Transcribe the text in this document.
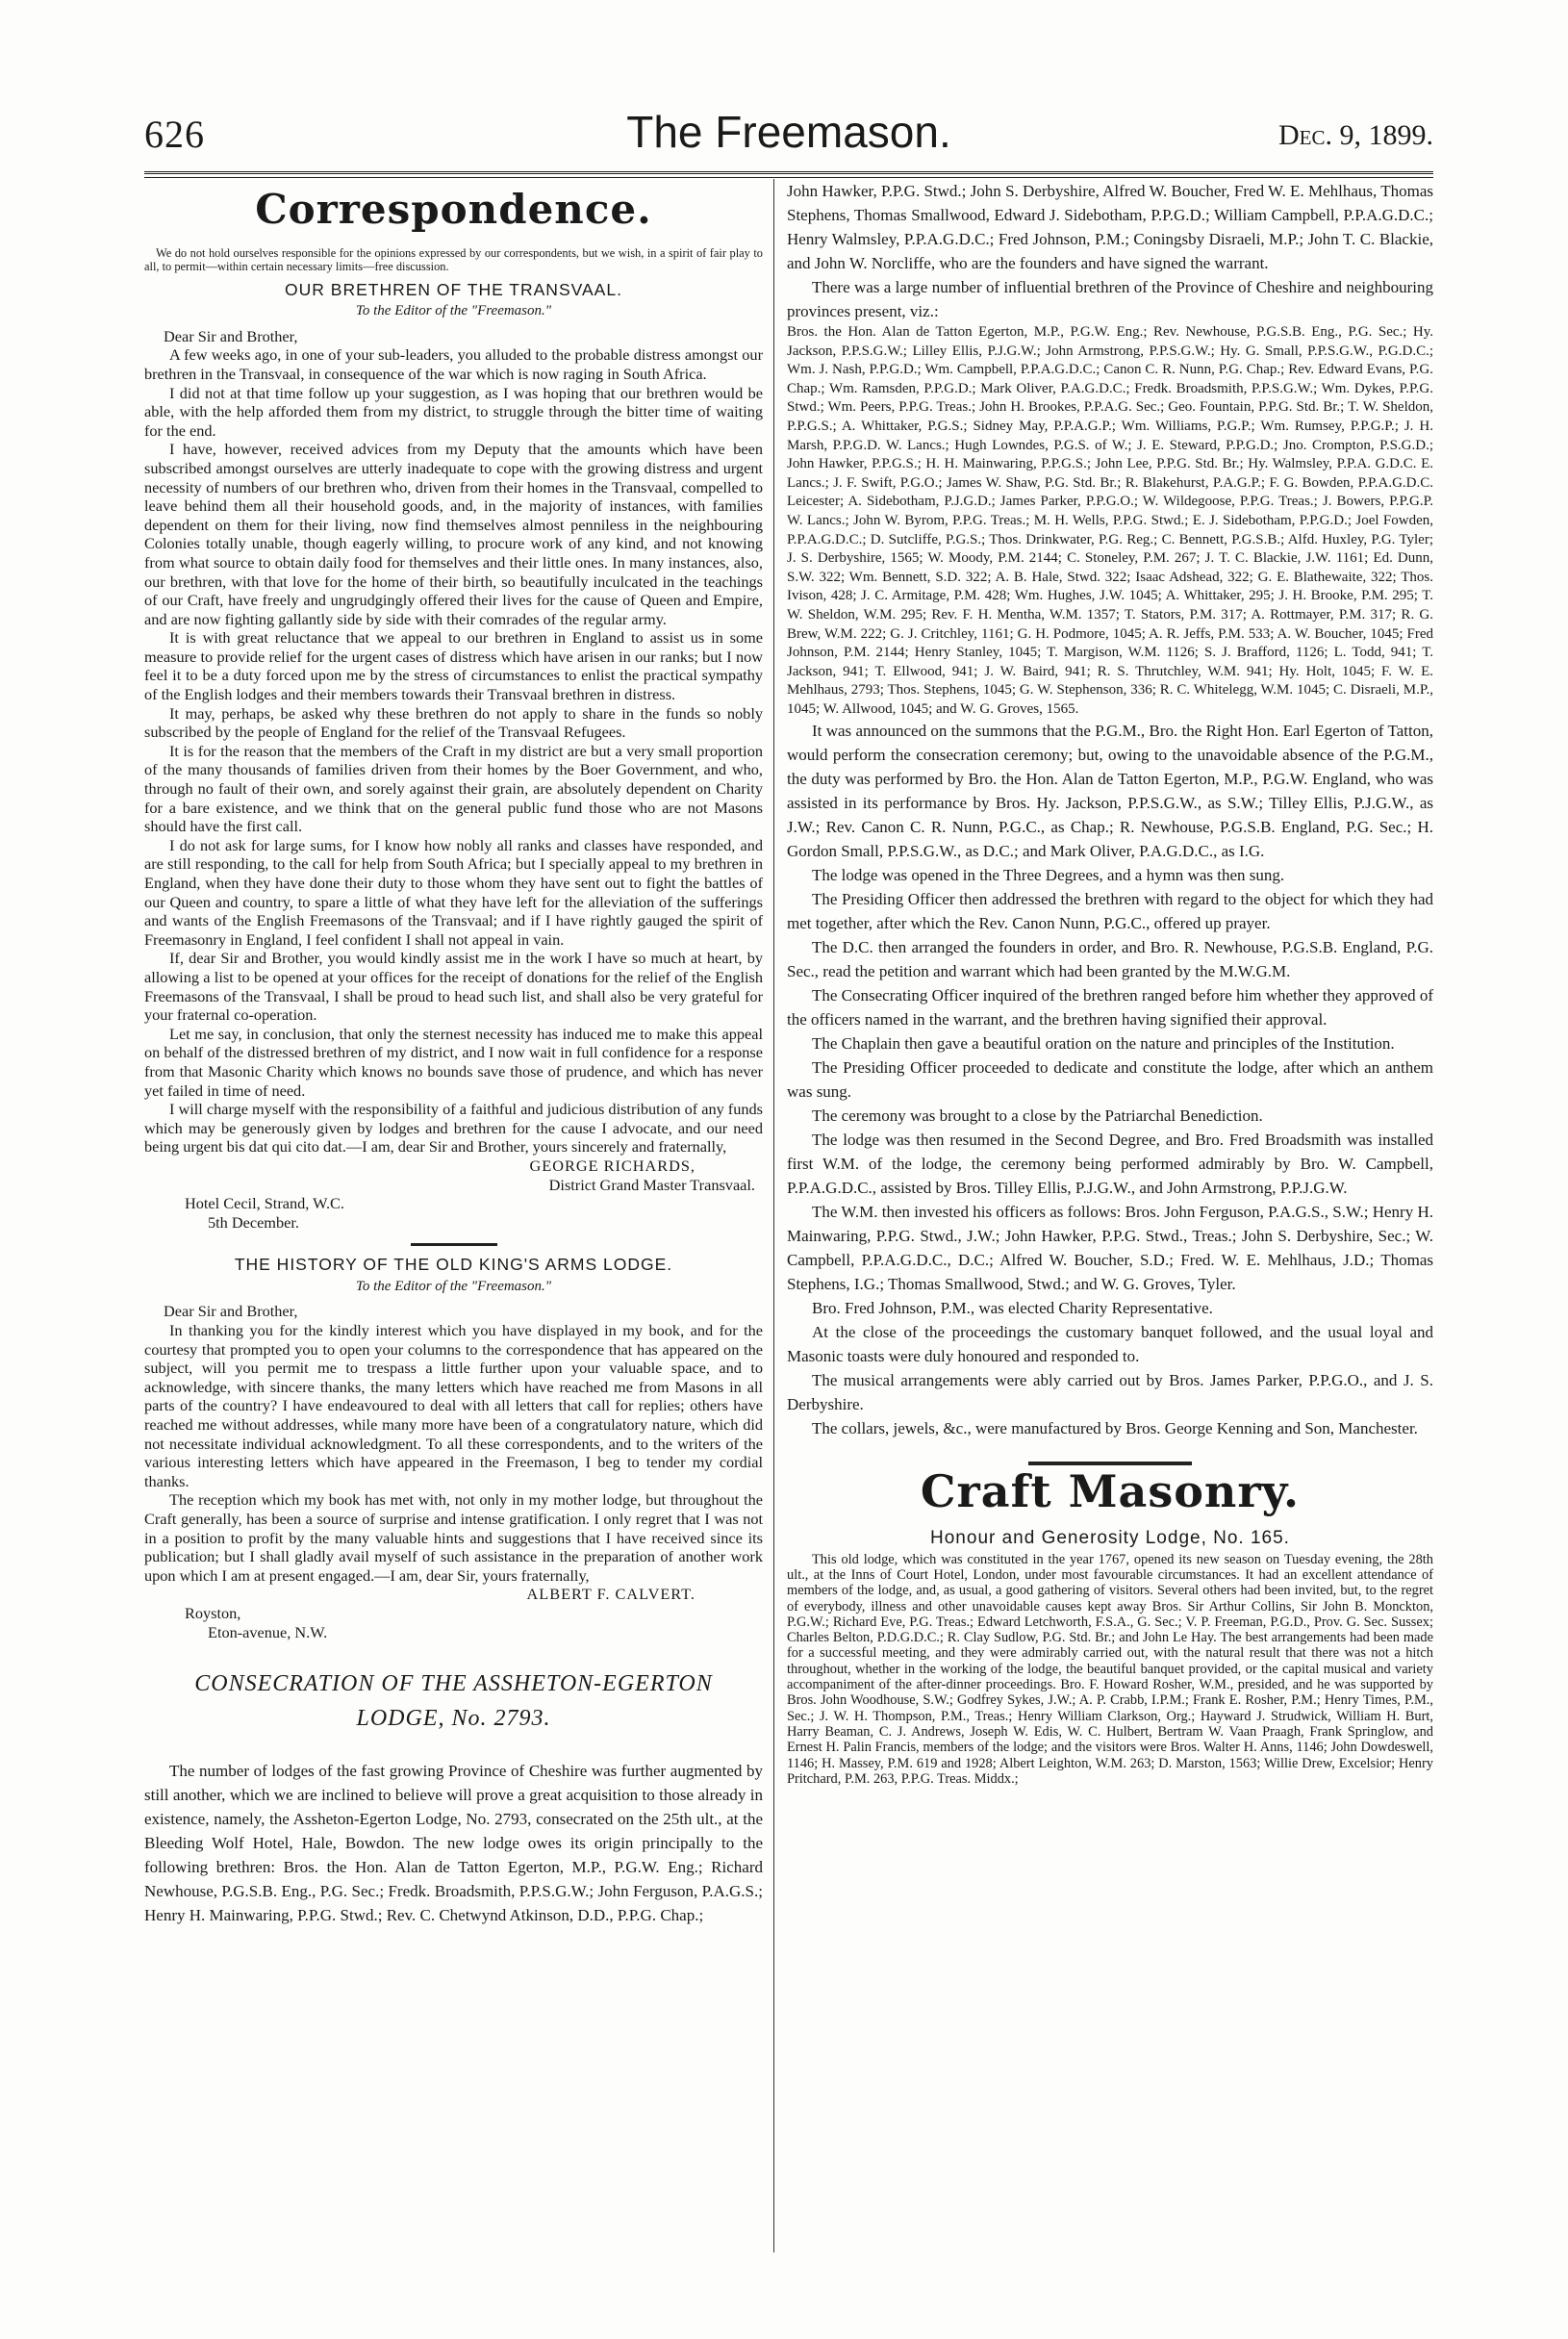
626	The Freemason.	Dec. 9, 1899.
Correspondence.

We do not hold ourselves responsible for the opinions expressed by our correspondents, but we wish, in a spirit of fair play to all, to permit—within certain necessary limits—free discussion.

OUR BRETHREN OF THE TRANSVAAL.
To the Editor of the "Freemason."

Dear Sir and Brother,

A few weeks ago, in one of your sub-leaders, you alluded to the probable distress amongst our brethren in the Transvaal, in consequence of the war which is now raging in South Africa.

I did not at that time follow up your suggestion, as I was hoping that our brethren would be able, with the help afforded them from my district, to struggle through the bitter time of waiting for the end.

I have, however, received advices from my Deputy that the amounts which have been subscribed amongst ourselves are utterly inadequate to cope with the growing distress and urgent necessity of numbers of our brethren who, driven from their homes in the Transvaal, compelled to leave behind them all their household goods, and, in the majority of instances, with families dependent on them for their living, now find themselves almost penniless in the neighbouring Colonies totally unable, though eagerly willing, to procure work of any kind, and not knowing from what source to obtain daily food for themselves and their little ones. In many instances, also, our brethren, with that love for the home of their birth, so beautifully inculcated in the teachings of our Craft, have freely and ungrudgingly offered their lives for the cause of Queen and Empire, and are now fighting gallantly side by side with their comrades of the regular army.

It is with great reluctance that we appeal to our brethren in England to assist us in some measure to provide relief for the urgent cases of distress which have arisen in our ranks; but I now feel it to be a duty forced upon me by the stress of circumstances to enlist the practical sympathy of the English lodges and their members towards their Transvaal brethren in distress.

It may, perhaps, be asked why these brethren do not apply to share in the funds so nobly subscribed by the people of England for the relief of the Transvaal Refugees.

It is for the reason that the members of the Craft in my district are but a very small proportion of the many thousands of families driven from their homes by the Boer Government, and who, through no fault of their own, and sorely against their grain, are absolutely dependent on Charity for a bare existence, and we think that on the general public fund those who are not Masons should have the first call.

I do not ask for large sums, for I know how nobly all ranks and classes have responded, and are still responding, to the call for help from South Africa; but I specially appeal to my brethren in England, when they have done their duty to those whom they have sent out to fight the battles of our Queen and country, to spare a little of what they have left for the alleviation of the sufferings and wants of the English Freemasons of the Transvaal; and if I have rightly gauged the spirit of Freemasonry in England, I feel confident I shall not appeal in vain.

If, dear Sir and Brother, you would kindly assist me in the work I have so much at heart, by allowing a list to be opened at your offices for the receipt of donations for the relief of the English Freemasons of the Transvaal, I shall be proud to head such list, and shall also be very grateful for your fraternal co-operation.

Let me say, in conclusion, that only the sternest necessity has induced me to make this appeal on behalf of the distressed brethren of my district, and I now wait in full confidence for a response from that Masonic Charity which knows no bounds save those of prudence, and which has never yet failed in time of need.

I will charge myself with the responsibility of a faithful and judicious distribution of any funds which may be generously given by lodges and brethren for the cause I advocate, and our need being urgent bis dat qui cito dat.—I am, dear Sir and Brother, yours sincerely and fraternally,

GEORGE RICHARDS,

District Grand Master Transvaal.

Hotel Cecil, Strand, W.C.

5th December.

THE HISTORY OF THE OLD KING'S ARMS LODGE.
To the Editor of the "Freemason."

Dear Sir and Brother,

In thanking you for the kindly interest which you have displayed in my book, and for the courtesy that prompted you to open your columns to the correspondence that has appeared on the subject, will you permit me to trespass a little further upon your valuable space, and to acknowledge, with sincere thanks, the many letters which have reached me from Masons in all parts of the country? I have endeavoured to deal with all letters that call for replies; others have reached me without addresses, while many more have been of a congratulatory nature, which did not necessitate individual acknowledgment. To all these correspondents, and to the writers of the various interesting letters which have appeared in the Freemason, I beg to tender my cordial thanks.

The reception which my book has met with, not only in my mother lodge, but throughout the Craft generally, has been a source of surprise and intense gratification. I only regret that I was not in a position to profit by the many valuable hints and suggestions that I have received since its publication; but I shall gladly avail myself of such assistance in the preparation of another work upon which I am at present engaged.—I am, dear Sir, yours fraternally,

ALBERT F. CALVERT.

Royston,

Eton-avenue, N.W.

CONSECRATION OF THE ASSHETON-EGERTON
LODGE, No. 2793.

The number of lodges of the fast growing Province of Cheshire was further augmented by still another, which we are inclined to believe will prove a great acquisition to those already in existence, namely, the Assheton-Egerton Lodge, No. 2793, consecrated on the 25th ult., at the Bleeding Wolf Hotel, Hale, Bowdon. The new lodge owes its origin principally to the following brethren: Bros. the Hon. Alan de Tatton Egerton, M.P., P.G.W. Eng.; Richard Newhouse, P.G.S.B. Eng., P.G. Sec.; Fredk. Broadsmith, P.P.S.G.W.; John Ferguson, P.A.G.S.; Henry H. Mainwaring, P.P.G. Stwd.; Rev. C. Chetwynd Atkinson, D.D., P.P.G. Chap.;

John Hawker, P.P.G. Stwd.; John S. Derbyshire, Alfred W. Boucher, Fred W. E. Mehlhaus, Thomas Stephens, Thomas Smallwood, Edward J. Sidebotham, P.P.G.D.; William Campbell, P.P.A.G.D.C.; Henry Walmsley, P.P.A.G.D.C.; Fred Johnson, P.M.; Coningsby Disraeli, M.P.; John T. C. Blackie, and John W. Norcliffe, who are the founders and have signed the warrant.

There was a large number of influential brethren of the Province of Cheshire and neighbouring provinces present, viz.:

Bros. the Hon. Alan de Tatton Egerton, M.P., P.G.W. Eng.; Rev. Newhouse, P.G.S.B. Eng., P.G. Sec.; Hy. Jackson, P.P.S.G.W.; Lilley Ellis, P.J.G.W.; John Armstrong, P.P.S.G.W.; Hy. G. Small, P.P.S.G.W., P.G.D.C.; Wm. J. Nash, P.P.G.D.; Wm. Campbell, P.P.A.G.D.C.; Canon C. R. Nunn, P.G. Chap.; Rev. Edward Evans, P.G. Chap.; Wm. Ramsden, P.P.G.D.; Mark Oliver, P.A.G.D.C.; Fredk. Broadsmith, P.P.S.G.W.; Wm. Dykes, P.P.G. Stwd.; Wm. Peers, P.P.G. Treas.; John H. Brookes, P.P.A.G. Sec.; Geo. Fountain, P.P.G. Std. Br.; T. W. Sheldon, P.P.G.S.; A. Whittaker, P.G.S.; Sidney May, P.P.A.G.P.; Wm. Williams, P.G.P.; Wm. Rumsey, P.P.G.P.; J. H. Marsh, P.P.G.D. W. Lancs.; Hugh Lowndes, P.G.S. of W.; J. E. Steward, P.P.G.D.; Jno. Crompton, P.S.G.D.; John Hawker, P.P.G.S.; H. H. Mainwaring, P.P.G.S.; John Lee, P.P.G. Std. Br.; Hy. Walmsley, P.P.A. G.D.C. E. Lancs.; J. F. Swift, P.G.O.; James W. Shaw, P.G. Std. Br.; R. Blakehurst, P.A.G.P.; F. G. Bowden, P.P.A.G.D.C. Leicester; A. Sidebotham, P.J.G.D.; James Parker, P.P.G.O.; W. Wildegoose, P.P.G. Treas.; J. Bowers, P.P.G.P. W. Lancs.; John W. Byrom, P.P.G. Treas.; M. H. Wells, P.P.G. Stwd.; E. J. Sidebotham, P.P.G.D.; Joel Fowden, P.P.A.G.D.C.; D. Sutcliffe, P.G.S.; Thos. Drinkwater, P.G. Reg.; C. Bennett, P.G.S.B.; Alfd. Huxley, P.G. Tyler; J. S. Derbyshire, 1565; W. Moody, P.M. 2144; C. Stoneley, P.M. 267; J. T. C. Blackie, J.W. 1161; Ed. Dunn, S.W. 322; Wm. Bennett, S.D. 322; A. B. Hale, Stwd. 322; Isaac Adshead, 322; G. E. Blathewaite, 322; Thos. Ivison, 428; J. C. Armitage, P.M. 428; Wm. Hughes, J.W. 1045; A. Whittaker, 295; J. H. Brooke, P.M. 295; T. W. Sheldon, W.M. 295; Rev. F. H. Mentha, W.M. 1357; T. Stators, P.M. 317; A. Rottmayer, P.M. 317; R. G. Brew, W.M. 222; G. J. Critchley, 1161; G. H. Podmore, 1045; A. R. Jeffs, P.M. 533; A. W. Boucher, 1045; Fred Johnson, P.M. 2144; Henry Stanley, 1045; T. Margison, W.M. 1126; S. J. Brafford, 1126; L. Todd, 941; T. Jackson, 941; T. Ellwood, 941; J. W. Baird, 941; R. S. Thrutchley, W.M. 941; Hy. Holt, 1045; F. W. E. Mehlhaus, 2793; Thos. Stephens, 1045; G. W. Stephenson, 336; R. C. Whitelegg, W.M. 1045; C. Disraeli, M.P., 1045; W. Allwood, 1045; and W. G. Groves, 1565.

It was announced on the summons that the P.G.M., Bro. the Right Hon. Earl Egerton of Tatton, would perform the consecration ceremony; but, owing to the unavoidable absence of the P.G.M., the duty was performed by Bro. the Hon. Alan de Tatton Egerton, M.P., P.G.W. England, who was assisted in its performance by Bros. Hy. Jackson, P.P.S.G.W., as S.W.; Tilley Ellis, P.J.G.W., as J.W.; Rev. Canon C. R. Nunn, P.G.C., as Chap.; R. Newhouse, P.G.S.B. England, P.G. Sec.; H. Gordon Small, P.P.S.G.W., as D.C.; and Mark Oliver, P.A.G.D.C., as I.G.

The lodge was opened in the Three Degrees, and a hymn was then sung.

The Presiding Officer then addressed the brethren with regard to the object for which they had met together, after which the Rev. Canon Nunn, P.G.C., offered up prayer.

The D.C. then arranged the founders in order, and Bro. R. Newhouse, P.G.S.B. England, P.G. Sec., read the petition and warrant which had been granted by the M.W.G.M.

The Consecrating Officer inquired of the brethren ranged before him whether they approved of the officers named in the warrant, and the brethren having signified their approval.

The Chaplain then gave a beautiful oration on the nature and principles of the Institution.

The Presiding Officer proceeded to dedicate and constitute the lodge, after which an anthem was sung.

The ceremony was brought to a close by the Patriarchal Benediction.

The lodge was then resumed in the Second Degree, and Bro. Fred Broadsmith was installed first W.M. of the lodge, the ceremony being performed admirably by Bro. W. Campbell, P.P.A.G.D.C., assisted by Bros. Tilley Ellis, P.J.G.W., and John Armstrong, P.P.J.G.W.

The W.M. then invested his officers as follows: Bros. John Ferguson, P.A.G.S., S.W.; Henry H. Mainwaring, P.P.G. Stwd., J.W.; John Hawker, P.P.G. Stwd., Treas.; John S. Derbyshire, Sec.; W. Campbell, P.P.A.G.D.C., D.C.; Alfred W. Boucher, S.D.; Fred. W. E. Mehlhaus, J.D.; Thomas Stephens, I.G.; Thomas Smallwood, Stwd.; and W. G. Groves, Tyler.

Bro. Fred Johnson, P.M., was elected Charity Representative.

At the close of the proceedings the customary banquet followed, and the usual loyal and Masonic toasts were duly honoured and responded to.

The musical arrangements were ably carried out by Bros. James Parker, P.P.G.O., and J. S. Derbyshire.

The collars, jewels, &c., were manufactured by Bros. George Kenning and Son, Manchester.

Craft Masonry.
Honour and Generosity Lodge, No. 165.

This old lodge, which was constituted in the year 1767, opened its new season on Tuesday evening, the 28th ult., at the Inns of Court Hotel, London, under most favourable circumstances. It had an excellent attendance of members of the lodge, and, as usual, a good gathering of visitors. Several others had been invited, but, to the regret of everybody, illness and other unavoidable causes kept away Bros. Sir Arthur Collins, Sir John B. Monckton, P.G.W.; Richard Eve, P.G. Treas.; Edward Letchworth, F.S.A., G. Sec.; V. P. Freeman, P.G.D., Prov. G. Sec. Sussex; Charles Belton, P.D.G.D.C.; R. Clay Sudlow, P.G. Std. Br.; and John Le Hay. The best arrangements had been made for a successful meeting, and they were admirably carried out, with the natural result that there was not a hitch throughout, whether in the working of the lodge, the beautiful banquet provided, or the capital musical and variety accompaniment of the after-dinner proceedings. Bro. F. Howard Rosher, W.M., presided, and he was supported by Bros. John Woodhouse, S.W.; Godfrey Sykes, J.W.; A. P. Crabb, I.P.M.; Frank E. Rosher, P.M.; Henry Times, P.M., Sec.; J. W. H. Thompson, P.M., Treas.; Henry William Clarkson, Org.; Hayward J. Strudwick, William H. Burt, Harry Beaman, C. J. Andrews, Joseph W. Edis, W. C. Hulbert, Bertram W. Vaan Praagh, Frank Springlow, and Ernest H. Palin Francis, members of the lodge; and the visitors were Bros. Walter H. Anns, 1146; John Dowdeswell, 1146; H. Massey, P.M. 619 and 1928; Albert Leighton, W.M. 263; D. Marston, 1563; Willie Drew, Excelsior; Henry Pritchard, P.M. 263, P.P.G. Treas. Middx.;
